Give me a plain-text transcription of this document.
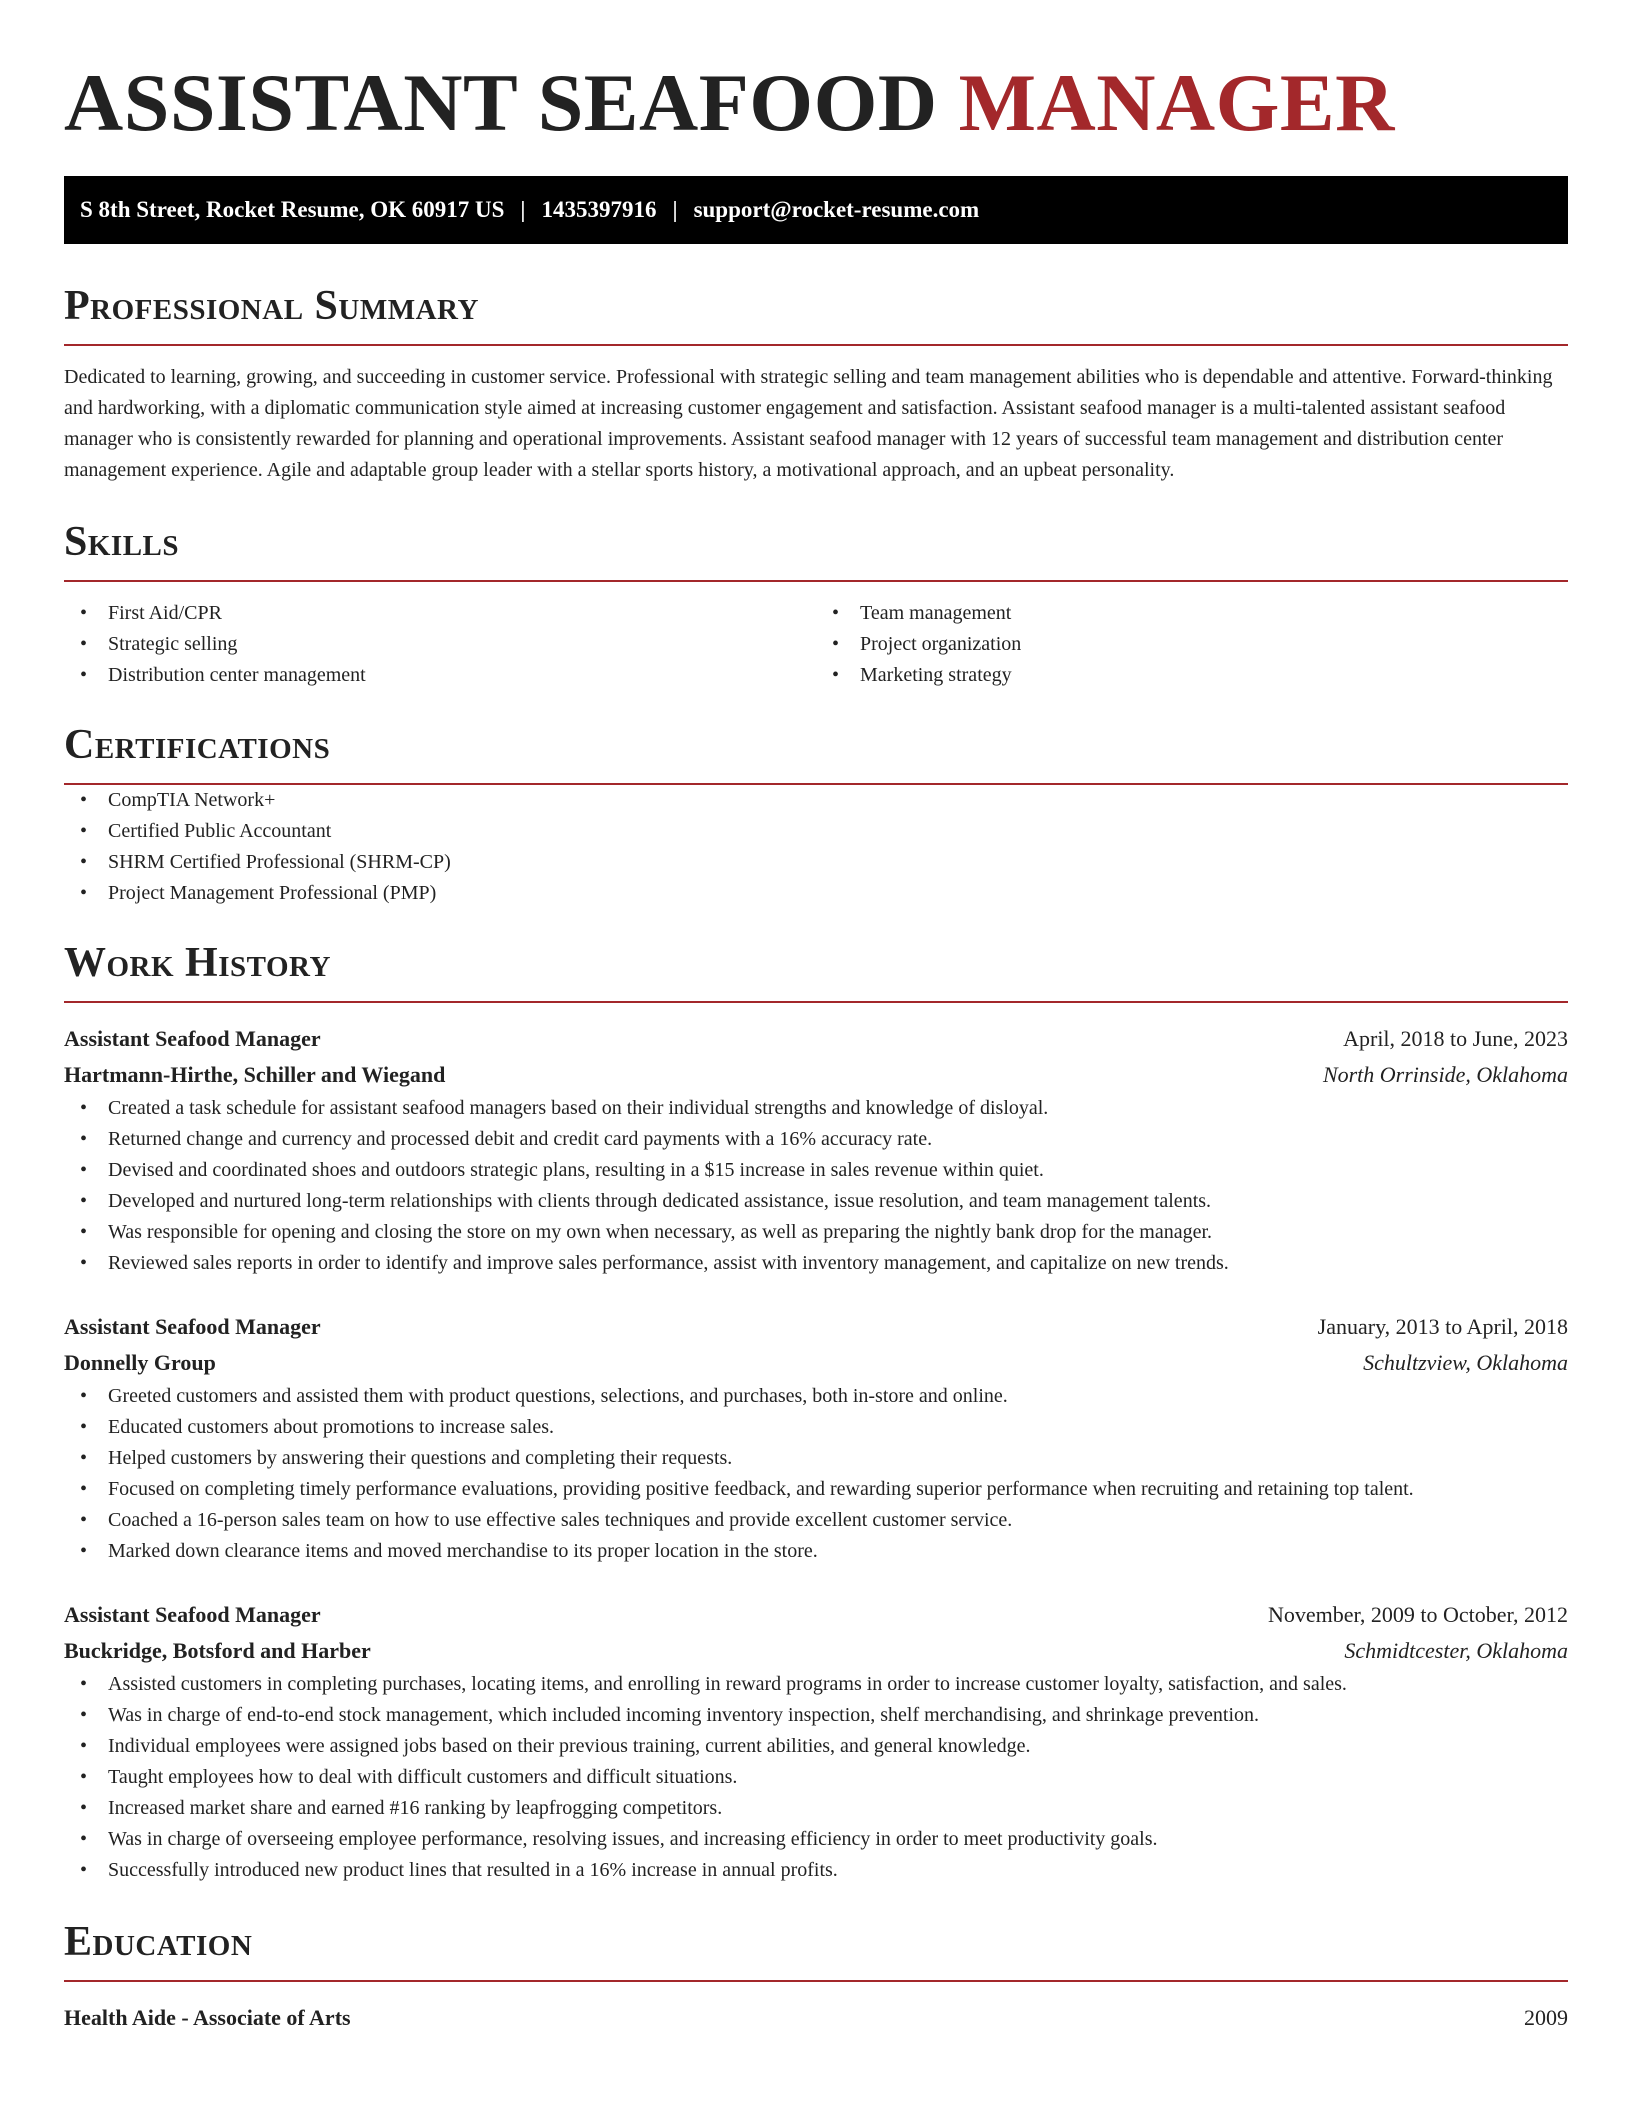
ASSISTANT SEAFOOD MANAGER
S 8th Street, Rocket Resume, OK 60917 US | 1435397916 | support@rocket-resume.com
Professional Summary

Dedicated to learning, growing, and succeeding in customer service. Professional with strategic selling and team management abilities who is dependable and attentive. Forward-thinking and hardworking, with a diplomatic communication style aimed at increasing customer engagement and satisfaction. Assistant seafood manager is a multi-talented assistant seafood manager who is consistently rewarded for planning and operational improvements. Assistant seafood manager with 12 years of successful team management and distribution center management experience. Agile and adaptable group leader with a stellar sports history, a motivational approach, and an upbeat personality.

Skills
• First Aid/CPR
• Strategic selling
• Distribution center management
• Team management
• Project organization
• Marketing strategy
Certifications
• CompTIA Network+
• Certified Public Accountant
• SHRM Certified Professional (SHRM-CP)
• Project Management Professional (PMP)
Work History
Assistant Seafood Manager	April, 2018 to June, 2023
Hartmann-Hirthe, Schiller and Wiegand	North Orrinside, Oklahoma
• Created a task schedule for assistant seafood managers based on their individual strengths and knowledge of disloyal.
• Returned change and currency and processed debit and credit card payments with a 16% accuracy rate.
• Devised and coordinated shoes and outdoors strategic plans, resulting in a $15 increase in sales revenue within quiet.
• Developed and nurtured long-term relationships with clients through dedicated assistance, issue resolution, and team management talents.
• Was responsible for opening and closing the store on my own when necessary, as well as preparing the nightly bank drop for the manager.
• Reviewed sales reports in order to identify and improve sales performance, assist with inventory management, and capitalize on new trends.
Assistant Seafood Manager	January, 2013 to April, 2018
Donnelly Group	Schultzview, Oklahoma
• Greeted customers and assisted them with product questions, selections, and purchases, both in-store and online.
• Educated customers about promotions to increase sales.
• Helped customers by answering their questions and completing their requests.
• Focused on completing timely performance evaluations, providing positive feedback, and rewarding superior performance when recruiting and retaining top talent.
• Coached a 16-person sales team on how to use effective sales techniques and provide excellent customer service.
• Marked down clearance items and moved merchandise to its proper location in the store.
Assistant Seafood Manager	November, 2009 to October, 2012
Buckridge, Botsford and Harber	Schmidtcester, Oklahoma
• Assisted customers in completing purchases, locating items, and enrolling in reward programs in order to increase customer loyalty, satisfaction, and sales.
• Was in charge of end-to-end stock management, which included incoming inventory inspection, shelf merchandising, and shrinkage prevention.
• Individual employees were assigned jobs based on their previous training, current abilities, and general knowledge.
• Taught employees how to deal with difficult customers and difficult situations.
• Increased market share and earned #16 ranking by leapfrogging competitors.
• Was in charge of overseeing employee performance, resolving issues, and increasing efficiency in order to meet productivity goals.
• Successfully introduced new product lines that resulted in a 16% increase in annual profits.
Education
Health Aide - Associate of Arts	2009
